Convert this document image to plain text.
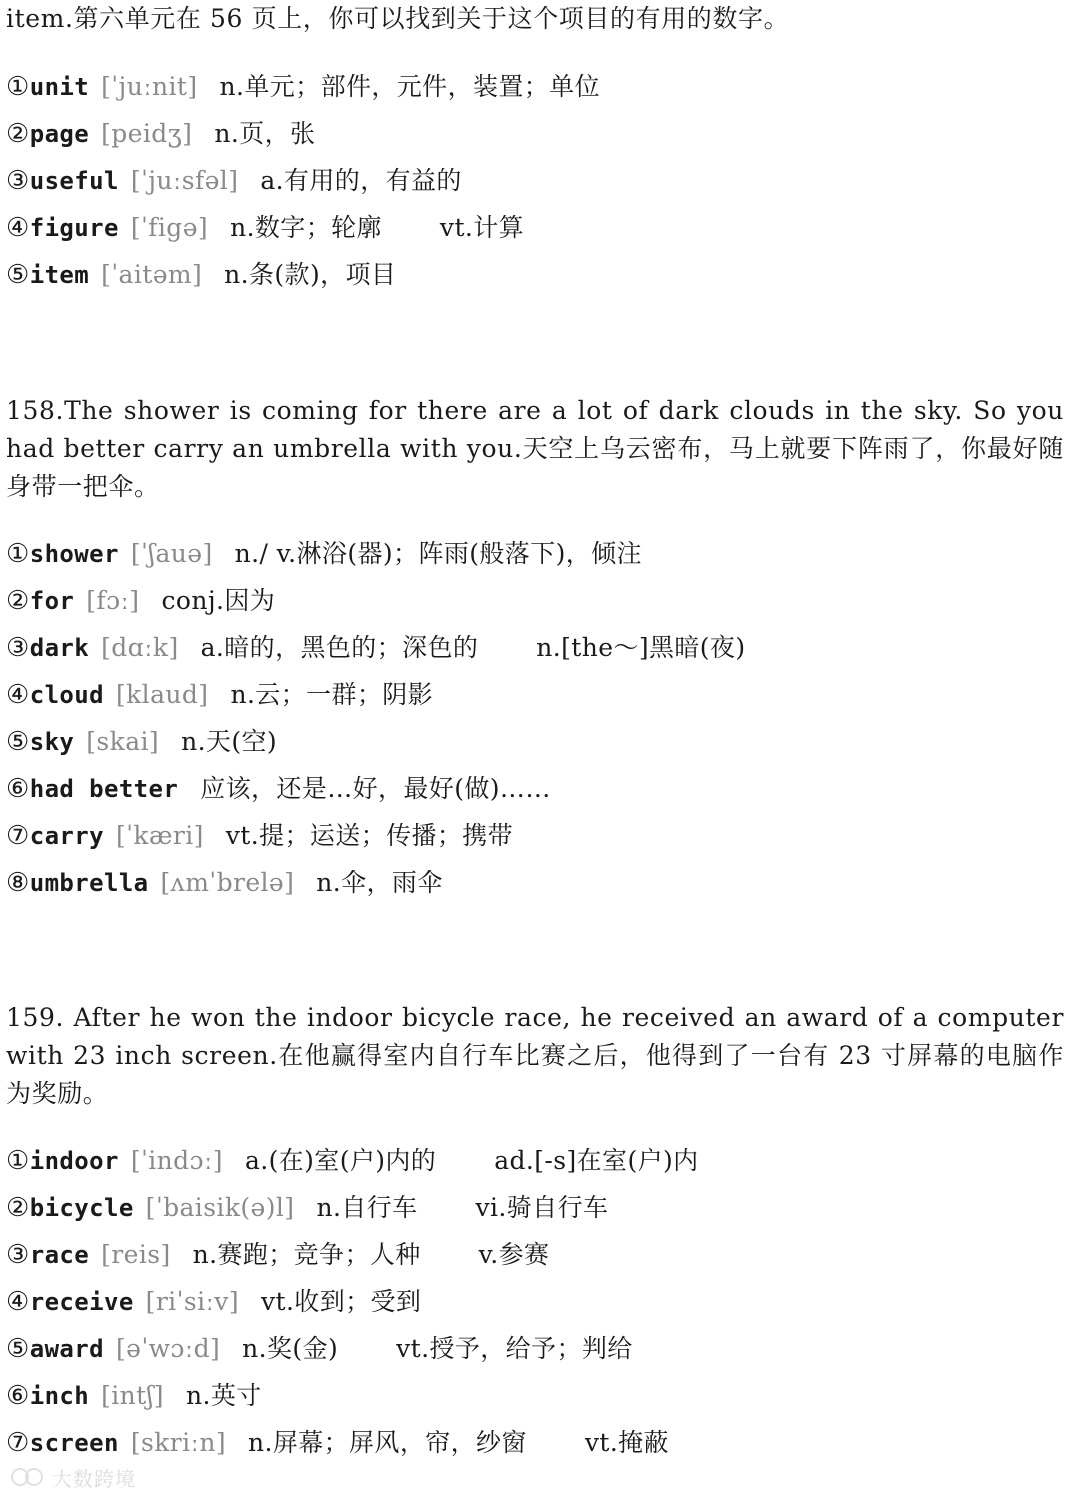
item.第六单元在 56 页上，你可以找到关于这个项目的有用的数字。
①unit [ˈjuːnit] n.单元；部件，元件，装置；单位
②page [peidʒ] n.页，张
③useful [ˈjuːsfəl] a.有用的，有益的
④figure [ˈfigə] n.数字；轮廓 vt.计算
⑤item [ˈaitəm] n.条(款)，项目
158.The shower is coming for there are a lot of dark clouds in the sky. So you had better carry an umbrella with you.天空上乌云密布，马上就要下阵雨了，你最好随身带一把伞。
①shower [ˈʃauə] n./ v.淋浴(器)；阵雨(般落下)，倾注
②for [fɔː] conj.因为
③dark [dɑːk] a.暗的，黑色的；深色的 n.[the～]黑暗(夜)
④cloud [klaud] n.云；一群；阴影
⑤sky [skai] n.天(空)
⑥had better 应该，还是…好，最好(做)……
⑦carry [ˈkæri] vt.提；运送；传播；携带
⑧umbrella [ʌmˈbrelə] n.伞，雨伞
159. After he won the indoor bicycle race, he received an award of a computer with 23 inch screen.在他赢得室内自行车比赛之后，他得到了一台有 23 寸屏幕的电脑作为奖励。
①indoor [ˈindɔː] a.(在)室(户)内的 ad.[-s]在室(户)内
②bicycle [ˈbaisik(ə)l] n.自行车 vi.骑自行车
③race [reis] n.赛跑；竞争；人种 v.参赛
④receive [riˈsiːv] vt.收到；受到
⑤award [əˈwɔːd] n.奖(金) vt.授予，给予；判给
⑥inch [intʃ] n.英寸
⑦screen [skriːn] n.屏幕；屏风，帘，纱窗 vt.掩蔽
大数跨境
